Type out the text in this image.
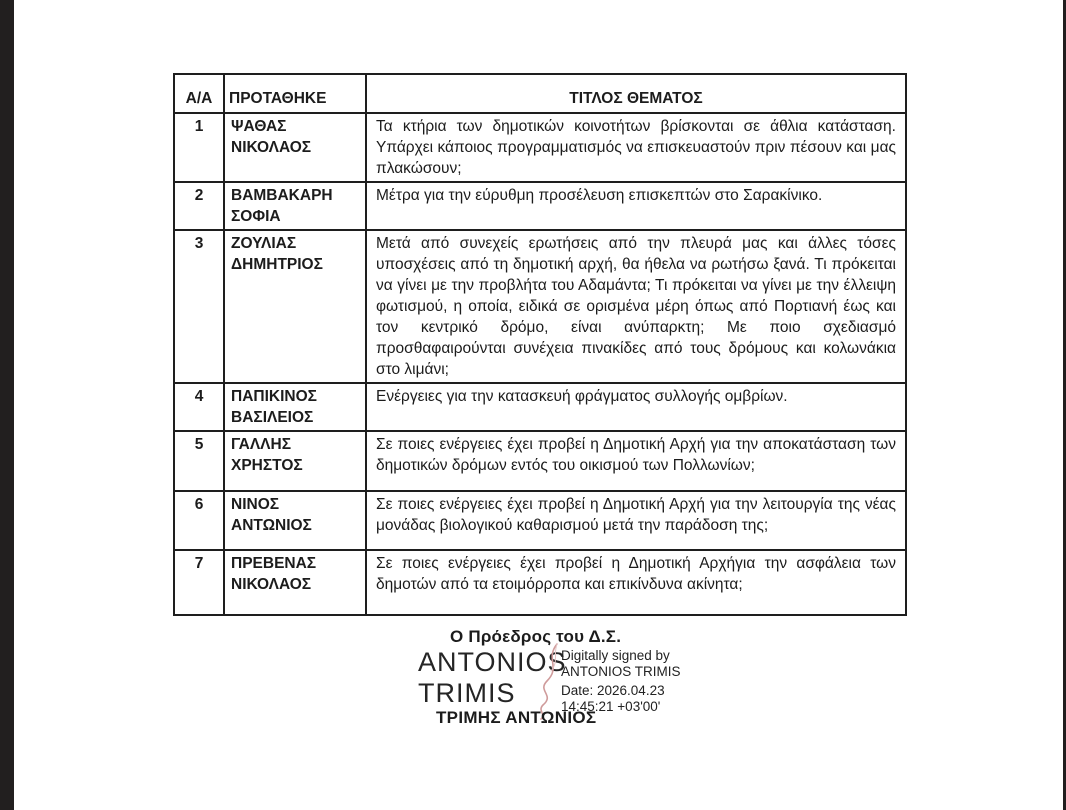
Α/Α	ΠΡΟΤΑΘΗΚΕ	ΤΙΤΛΟΣ ΘΕΜΑΤΟΣ
1	ΨΑΘΑΣ ΝΙΚΟΛΑΟΣ	Τα κτήρια των δημοτικών κοινοτήτων βρίσκονται σε άθλια κατάσταση. Υπάρχει κάποιος προγραμματισμός να επισκευαστούν πριν πέσουν και μας πλακώσουν;
2	ΒΑΜΒΑΚΑΡΗ ΣΟΦΙΑ	Μέτρα για την εύρυθμη προσέλευση επισκεπτών στο Σαρακίνικο.
3	ΖΟΥΛΙΑΣ ΔΗΜΗΤΡΙΟΣ	Μετά από συνεχείς ερωτήσεις από την πλευρά μας και άλλες τόσες υποσχέσεις από τη δημοτική αρχή, θα ήθελα να ρωτήσω ξανά. Τι πρόκειται να γίνει με την προβλήτα του Αδαμάντα; Τι πρόκειται να γίνει με την έλλειψη φωτισμού, η οποία, ειδικά σε ορισμένα μέρη όπως από Πορτιανή έως και τον κεντρικό δρόμο, είναι ανύπαρκτη; Με ποιο σχεδιασμό προσθαφαιρούνται συνέχεια πινακίδες από τους δρόμους και κολωνάκια στο λιμάνι;
4	ΠΑΠΙΚΙΝΟΣ ΒΑΣΙΛΕΙΟΣ	Ενέργειες για την κατασκευή φράγματος συλλογής ομβρίων.
5	ΓΑΛΛΗΣ ΧΡΗΣΤΟΣ	Σε ποιες ενέργειες έχει προβεί η Δημοτική Αρχή για την αποκατάσταση των δημοτικών δρόμων εντός του οικισμού των Πολλωνίων;
6	ΝΙΝΟΣ ΑΝΤΩΝΙΟΣ	Σε ποιες ενέργειες έχει προβεί η Δημοτική Αρχή για την λειτουργία της νέας μονάδας βιολογικού καθαρισμού μετά την παράδοση της;
7	ΠΡΕΒΕΝΑΣ ΝΙΚΟΛΑΟΣ	Σε ποιες ενέργειες έχει προβεί η Δημοτική Αρχήγια την ασφάλεια των δημοτών από τα ετοιμόρροπα και επικίνδυνα ακίνητα;
Ο Πρόεδρος του Δ.Σ.
ANTONIOS
TRIMIS
Digitally signed by
ANTONIOS TRIMIS
Date: 2026.04.23
14:45:21 +03'00'
ΤΡΙΜΗΣ ΑΝΤΩΝΙΟΣ
